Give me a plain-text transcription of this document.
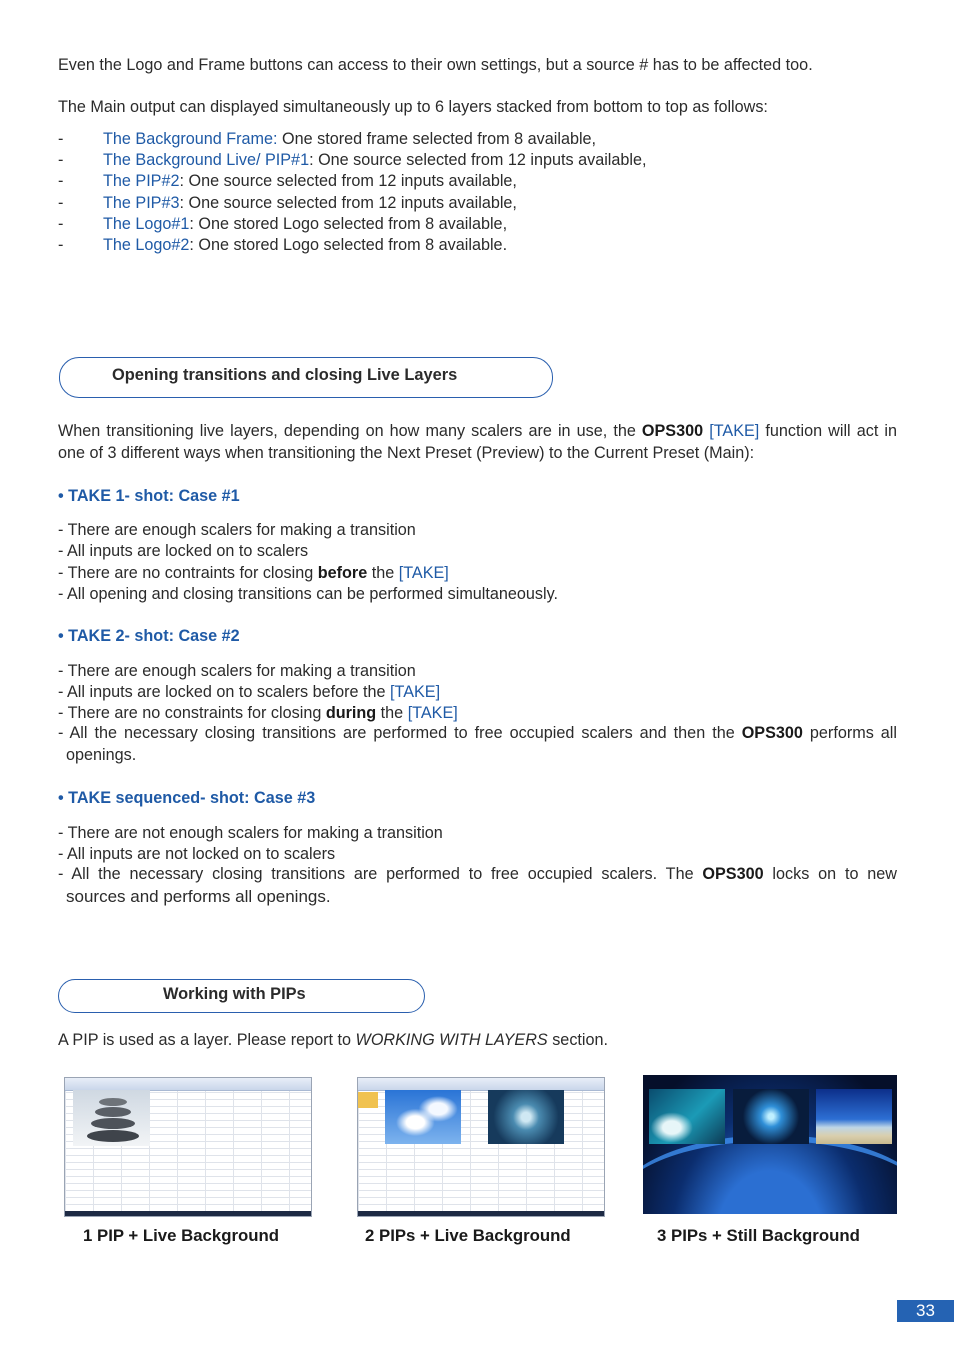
Even the Logo and Frame buttons can access to their own settings, but a source # has to be affected too.
The Main output can displayed simultaneously up to 6 layers stacked from bottom to top as follows:
- The Background Frame: One stored frame selected from 8 available,
- The Background Live/ PIP#1: One source selected from 12 inputs available,
- The PIP#2: One source selected from 12 inputs available,
- The PIP#3: One source selected from 12 inputs available,
- The Logo#1: One stored Logo selected from 8 available,
- The Logo#2: One stored Logo selected from 8 available.
Opening transitions and closing Live Layers
When transitioning live layers, depending on how many scalers are in use, the OPS300 [TAKE] function will act in
one of 3 different ways when transitioning the Next Preset (Preview) to the Current Preset (Main):
• TAKE 1- shot: Case #1
- There are enough scalers for making a transition
- All inputs are locked on to scalers
- There are no contraints for closing before the [TAKE]
- All opening and closing transitions can be performed simultaneously.
• TAKE 2- shot: Case #2
- There are enough scalers for making a transition
- All inputs are locked on to scalers before the [TAKE]
- There are no constraints for closing during the [TAKE]
- All the necessary closing transitions are performed to free occupied scalers and then the OPS300 performs all
openings.
• TAKE sequenced- shot: Case #3
- There are not enough scalers for making a transition
- All inputs are not locked on to scalers
- All the necessary closing transitions are performed to free occupied scalers. The OPS300 locks on to new
sources and performs all openings.
Working with PIPs
A PIP is used as a layer. Please report to WORKING WITH LAYERS section.
1 PIP + Live Background	2 PIPs + Live Background	3 PIPs + Still Background
33
